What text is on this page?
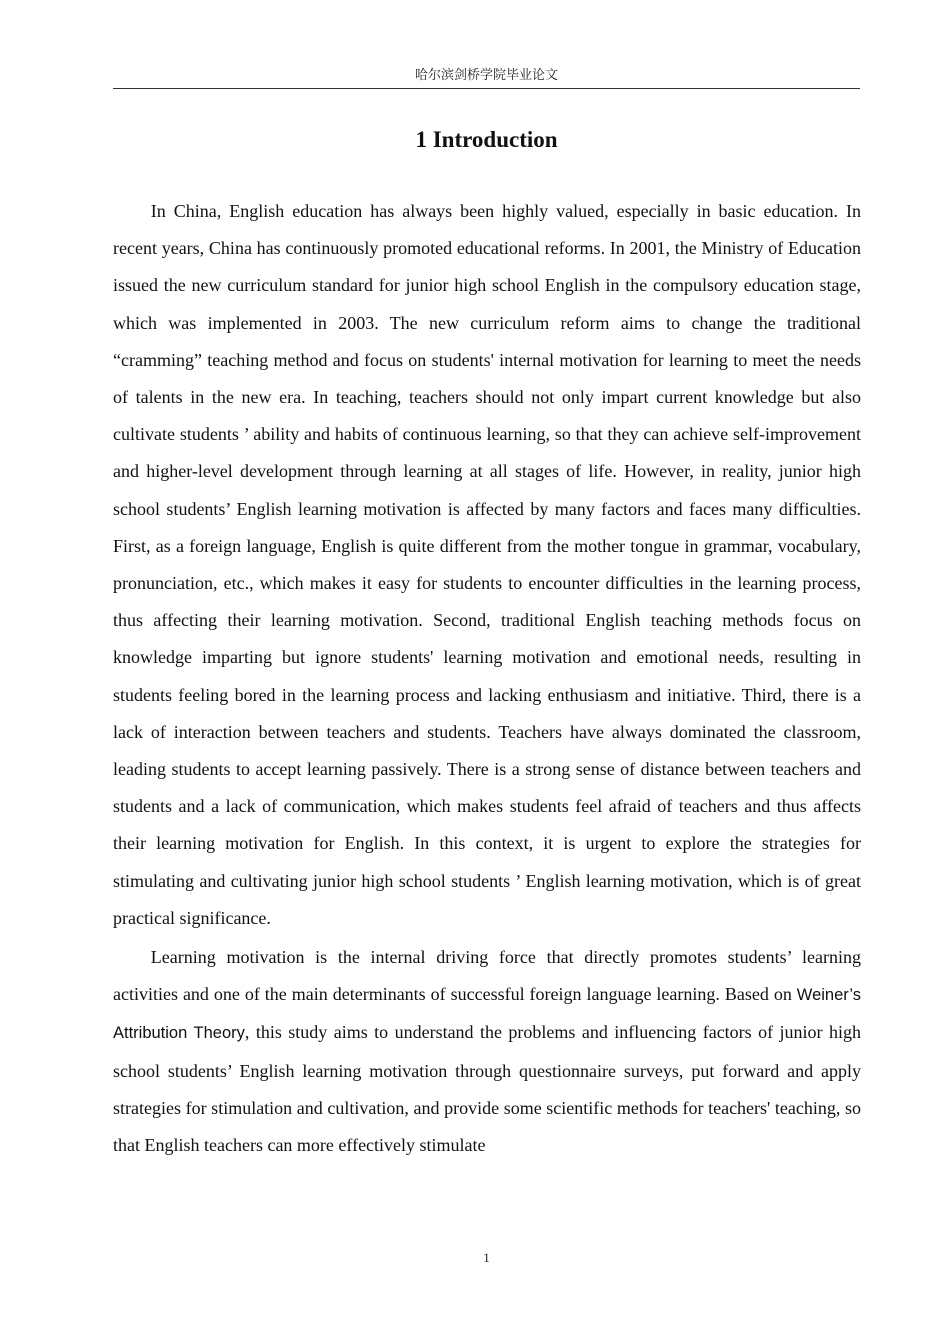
哈尔滨剑桥学院毕业论文
1 Introduction

In China, English education has always been highly valued, especially in basic education. In recent years, China has continuously promoted educational reforms. In 2001, the Ministry of Education issued the new curriculum standard for junior high school English in the compulsory education stage, which was implemented in 2003. The new curriculum reform aims to change the traditional “cramming” teaching method and focus on students' internal motivation for learning to meet the needs of talents in the new era. In teaching, teachers should not only impart current knowledge but also cultivate students ’ ability and habits of continuous learning, so that they can achieve self-improvement and higher-level development through learning at all stages of life. However, in reality, junior high school students’ English learning motivation is affected by many factors and faces many difficulties. First, as a foreign language, English is quite different from the mother tongue in grammar, vocabulary, pronunciation, etc., which makes it easy for students to encounter difficulties in the learning process, thus affecting their learning motivation. Second, traditional English teaching methods focus on knowledge imparting but ignore students' learning motivation and emotional needs, resulting in students feeling bored in the learning process and lacking enthusiasm and initiative. Third, there is a lack of interaction between teachers and students. Teachers have always dominated the classroom, leading students to accept learning passively. There is a strong sense of distance between teachers and students and a lack of communication, which makes students feel afraid of teachers and thus affects their learning motivation for English. In this context, it is urgent to explore the strategies for stimulating and cultivating junior high school students ’ English learning motivation, which is of great practical significance.

Learning motivation is the internal driving force that directly promotes students’ learning activities and one of the main determinants of successful foreign language learning. Based on Weiner’s Attribution Theory, this study aims to understand the problems and influencing factors of junior high school students’ English learning motivation through questionnaire surveys, put forward and apply strategies for stimulation and cultivation, and provide some scientific methods for teachers' teaching, so that English teachers can more effectively stimulate

1
